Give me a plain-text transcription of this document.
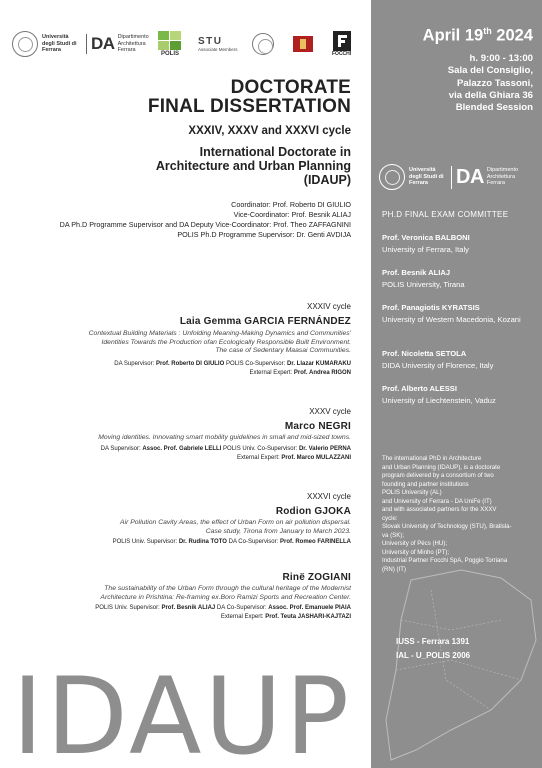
Università degli Studi di Ferrara	DA Dipartimento Architettura Ferrara
POLIS
STU
Associate Members
FOCCHI
DOCTORATE
FINAL DISSERTATION
XXXIV, XXXV and XXXVI cycle
International Doctorate in
Architecture and Urban Planning
(IDAUP)
Coordinator: Prof. Roberto DI GIULIO
Vice-Coordinator: Prof. Besnik ALIAJ
DA Ph.D Programme Supervisor and DA Deputy Vice-Coordinator: Prof. Theo ZAFFAGNINI
POLIS Ph.D Programme Supervisor: Dr. Genti AVDIJA
XXXIV cycle
Laia Gemma GARCIA FERNÁNDEZ
Contextual Building Materials : Unfolding Meaning-Making Dynamics and Communities'
Identities Towards the Production ofan Ecologically Responsible Built Environment.
The case of Sedentary Maasai Communities.
DA Supervisor: Prof. Roberto DI GIULIO POLIS Co-Supervisor: Dr. Llazar KUMARAKU
External Expert: Prof. Andrea RIGON
XXXV cycle
Marco NEGRI
Moving identities. Innovating smart mobility guidelines in small and mid-sized towns.
DA Supervisor: Assoc. Prof. Gabriele LELLI POLIS Univ. Co-Supervisor: Dr. Valerio PERNA
External Expert: Prof. Marco MULAZZANI
XXXVI cycle
Rodion GJOKA
Air Pollution Cavity Areas, the effect of Urban Form on air pollution dispersal.
Case study, Tirona from January to March 2023.
POLIS Univ. Supervisor: Dr. Rudina TOTO DA Co-Supervisor: Prof. Romeo FARINELLA
Rinë ZOGIANI
The sustainability of the Urban Form through the cultural heritage of the Modernist
Architecture in Prishtina: Re-framing ex.Boro Ramizi Sports and Recreation Center.
POLIS Univ. Supervisor: Prof. Besnik ALIAJ DA Co-Supervisor: Assoc. Prof. Emanuele PIAIA
External Expert: Prof. Teuta JASHARI-KAJTAZI
April 19th 2024
h. 9:00 - 13:00
Sala del Consiglio,
Palazzo Tassoni,
via della Ghiara 36
Blended Session
Università degli Studi di Ferrara	DA Dipartimento Architettura Ferrara
PH.D FINAL EXAM COMMITTEE
Prof. Veronica BALBONI
University of Ferrara, Italy
Prof. Besnik ALIAJ
POLIS University, Tirana
Prof. Panagiotis KYRATSIS
University of Western Macedonia, Kozani
Prof. Nicoletta SETOLA
DIDA University of Florence, Italy
Prof. Alberto ALESSI
University of Liechtenstein, Vaduz
The international PhD in Architecture
and Urban Planning (IDAUP), is a doctorate
program delivered by a consortium of two
founding and partner institutions
POLIS University (AL)
and University of Ferrara - DA UniFe (IT)
and with associated partners for the XXXV
cycle:
Slovak University of Technology (STU), Bratisla-
va (SK);
University of Pécs (HU);
University of Minho (PT);
Industrial Partner Focchi SpA, Poggio Torriana
(RN) (IT)
IUSS - Ferrara 1391
IAL - U_POLIS 2006
IDAUP
